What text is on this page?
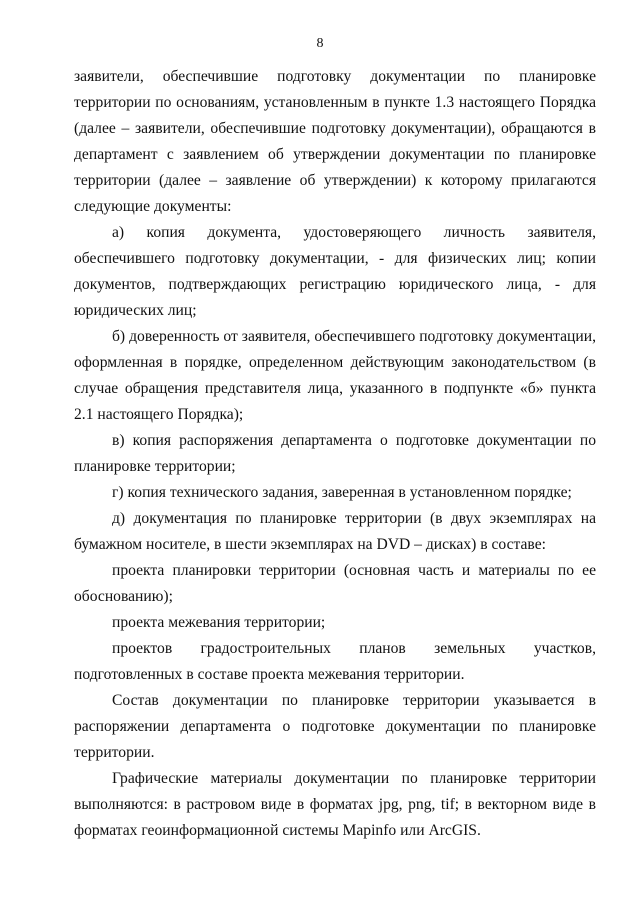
8

заявители, обеспечившие подготовку документации по планировке территории по основаниям, установленным в пункте 1.3 настоящего Порядка (далее – заявители, обеспечившие подготовку документации), обращаются в департамент с заявлением об утверждении документации по планировке территории (далее – заявление об утверждении) к которому прилагаются следующие документы:

а) копия документа, удостоверяющего личность заявителя, обеспечившего подготовку документации, - для физических лиц; копии документов, подтверждающих регистрацию юридического лица, - для юридических лиц;

б) доверенность от заявителя, обеспечившего подготовку документации, оформленная в порядке, определенном действующим законодательством (в случае обращения представителя лица, указанного в подпункте «б» пункта 2.1 настоящего Порядка);

в) копия распоряжения департамента о подготовке документации по планировке территории;

г) копия технического задания, заверенная в установленном порядке;

д) документация по планировке территории (в двух экземплярах на бумажном носителе, в шести экземплярах на DVD – дисках) в составе:

проекта планировки территории (основная часть и материалы по ее обоснованию);

проекта межевания территории;

проектов градостроительных планов земельных участков, подготовленных в составе проекта межевания территории.

Состав документации по планировке территории указывается в распоряжении департамента о подготовке документации по планировке территории.

Графические материалы документации по планировке территории выполняются: в растровом виде в форматах jpg, png, tif; в векторном виде в форматах геоинформационной системы Mapinfo или ArcGIS.
